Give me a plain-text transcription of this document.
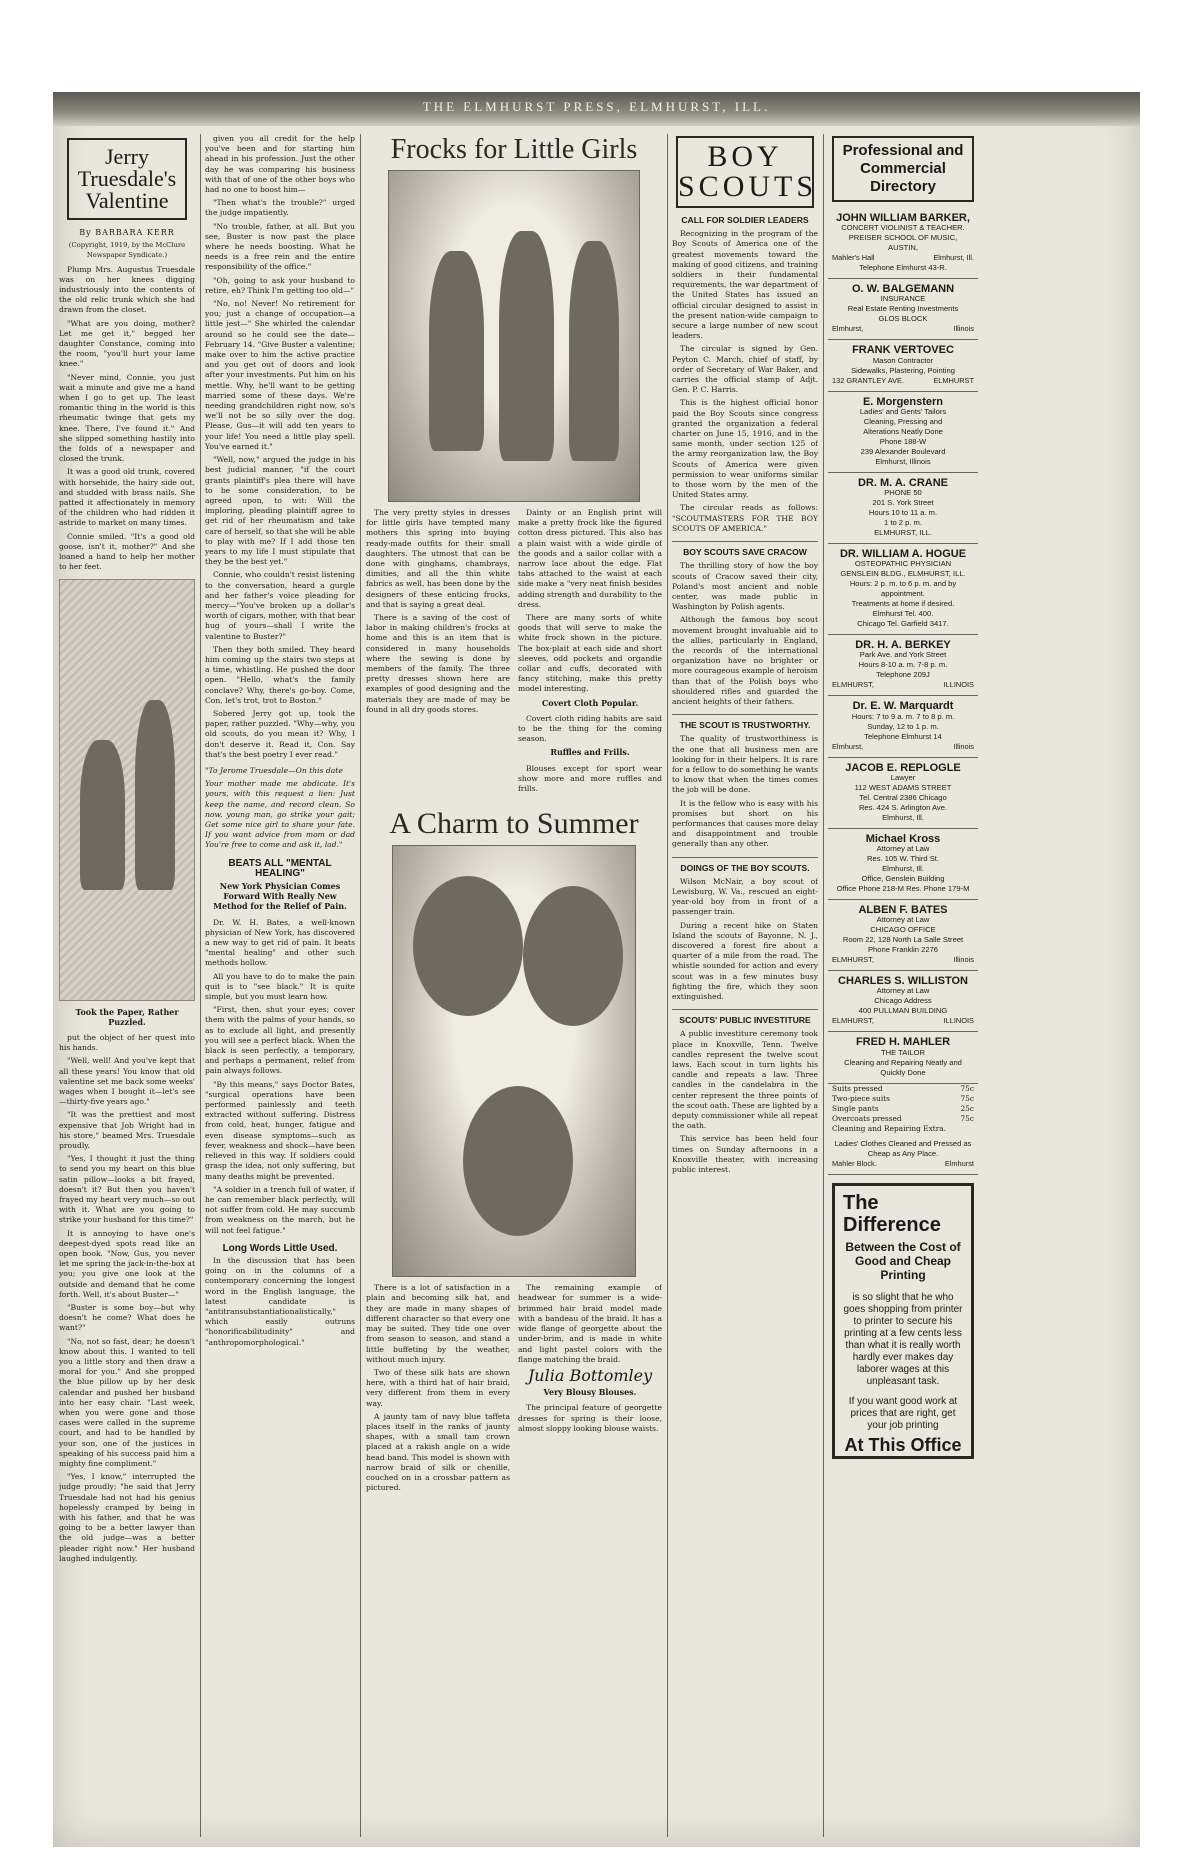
THE ELMHURST PRESS, ELMHURST, ILL.
Jerry Truesdale's
Valentine
By BARBARA KERR
(Copyright, 1919, by the McClure Newspaper Syndicate.)

Plump Mrs. Augustus Truesdale was on her knees digging industriously into the contents of the old relic trunk which she had drawn from the closet.

"What are you doing, mother? Let me get it," begged her daughter Constance, coming into the room, "you'll hurt your lame knee."

"Never mind, Connie, you just wait a minute and give me a hand when I go to get up. The least romantic thing in the world is this rheumatic twinge that gets my knee. There, I've found it." And she slipped something hastily into the folds of a newspaper and closed the trunk.

It was a good old trunk, covered with horsehide, the hairy side out, and studded with brass nails. She patted it affectionately in memory of the children who had ridden it astride to market on many times.

Connie smiled. "It's a good old goose, isn't it, mother?" And she loaned a hand to help her mother to her feet.

Took the Paper, Rather Puzzled.

put the object of her quest into his hands.

"Well, well! And you've kept that all these years! You know that old valentine set me back some weeks' wages when I bought it—let's see—thirty-five years ago."

"It was the prettiest and most expensive that Job Wright had in his store," beamed Mrs. Truesdale proudly.

"Yes, I thought it just the thing to send you my heart on this blue satin pillow—looks a bit frayed, doesn't it? But then you haven't frayed my heart very much—so out with it. What are you going to strike your husband for this time?"

It is annoying to have one's deepest-dyed spots read like an open book. "Now, Gus, you never let me spring the jack-in-the-box at you; you give one look at the outside and demand that he come forth. Well, it's about Buster—"

"Buster is some boy—but why doesn't he come? What does he want?"

"No, not so fast, dear; he doesn't know about this. I wanted to tell you a little story and then draw a moral for you." And she propped the blue pillow up by her desk calendar and pushed her husband into her easy chair. "Last week, when you were gone and those cases were called in the supreme court, and had to be handled by your son, one of the justices in speaking of his success paid him a mighty fine compliment."

"Yes, I know," interrupted the judge proudly; "he said that Jerry Truesdale had not had his genius hopelessly cramped by being in with his father, and that he was going to be a better lawyer than the old judge—was a better pleader right now." Her husband laughed indulgently.

given you all credit for the help you've been and for starting him ahead in his profession. Just the other day he was comparing his business with that of one of the other boys who had no one to boost him—

"Then what's the trouble?" urged the judge impatiently.

"No trouble, father, at all. But you see, Buster is now past the place where he needs boosting. What he needs is a free rein and the entire responsibility of the office."

"Oh, going to ask your husband to retire, eh? Think I'm getting too old—"

"No, no! Never! No retirement for you; just a change of occupation—a little jest—" She whirled the calendar around so he could see the date—February 14. "Give Buster a valentine; make over to him the active practice and you get out of doors and look after your investments. Put him on his mettle. Why, he'll want to be getting married some of these days. We're needing grandchildren right now, so's we'll not be so silly over the dog. Please, Gus—it will add ten years to your life! You need a little play spell. You've earned it."

"Well, now," argued the judge in his best judicial manner, "if the court grants plaintiff's plea there will have to be some consideration, to be agreed upon, to wit: Will the imploring, pleading plaintiff agree to get rid of her rheumatism and take care of herself, so that she will be able to play with me? If I add those ten years to my life I must stipulate that they be the best yet."

Connie, who couldn't resist listening to the conversation, heard a gurgle and her father's voice pleading for mercy—"You've broken up a dollar's worth of cigars, mother, with that bear hug of yours—shall I write the valentine to Buster?"

Then they both smiled. They heard him coming up the stairs two steps at a time, whistling. He pushed the door open. "Hello, what's the family conclave? Why, there's go-boy. Come, Con, let's trot, trot to Boston."

Sobered Jerry got up, took the paper, rather puzzled. "Why—why, you old scouts, do you mean it? Why, I don't deserve it. Read it, Con. Say that's the best poetry I ever read."

"To Jerome Truesdale—On this date

Your mother made me abdicate. It's yours, with this request a lien: Just keep the name, and record clean. So now, young man, go strike your gait; Get some nice girl to share your fate. If you want advice from mom or dad You're free to come and ask it, lad."

BEATS ALL "MENTAL HEALING"
New York Physician Comes Forward With Really New Method for the Relief of Pain.

Dr. W. H. Bates, a well-known physician of New York, has discovered a new way to get rid of pain. It beats "mental healing" and other such methods hollow.

All you have to do to make the pain quit is to "see black." It is quite simple, but you must learn how.

"First, then, shut your eyes; cover them with the palms of your hands, so as to exclude all light, and presently you will see a perfect black. When the black is seen perfectly, a temporary, and perhaps a permanent, relief from pain always follows.

"By this means," says Doctor Bates, "surgical operations have been performed painlessly and teeth extracted without suffering. Distress from cold, heat, hunger, fatigue and even disease symptoms—such as fever, weakness and shock—have been relieved in this way. If soldiers could grasp the idea, not only suffering, but many deaths might be prevented.

"A soldier in a trench full of water, if he can remember black perfectly, will not suffer from cold. He may succumb from weakness on the march, but he will not feel fatigue."

Long Words Little Used.

In the discussion that has been going on in the columns of a contemporary concerning the longest word in the English language, the latest candidate is "antitransubstantiationalistically," which easily outruns "honorificabilitudinity" and "anthropomorphological."

Frocks for Little Girls

The very pretty styles in dresses for little girls have tempted many mothers this spring into buying ready-made outfits for their small daughters. The utmost that can be done with ginghams, chambrays, dimities, and all the thin white fabrics as well, has been done by the designers of these enticing frocks, and that is saying a great deal.

There is a saving of the cost of labor in making children's frocks at home and this is an item that is considered in many households where the sewing is done by members of the family. The three pretty dresses shown here are examples of good designing and the materials they are made of may be found in all dry goods stores.

Dainty or an English print will make a pretty frock like the figured cotton dress pictured. This also has a plain waist with a wide girdle of the goods and a sailor collar with a narrow lace about the edge. Flat tabs attached to the waist at each side make a "very neat finish besides adding strength and durability to the dress.

There are many sorts of white goods that will serve to make the white frock shown in the picture. The box-plait at each side and short sleeves, odd pockets and organdie collar and cuffs, decorated with fancy stitching, make this pretty model interesting.

Covert Cloth Popular.

Covert cloth riding habits are said to be the thing for the coming season.

Ruffles and Frills.

Blouses except for sport wear show more and more ruffles and frills.

A Charm to Summer

There is a lot of satisfaction in a plain and becoming silk hat, and they are made in many shapes of different character so that every one may be suited. They tide one over from season to season, and stand a little buffeting by the weather, without much injury.

Two of these silk hats are shown here, with a third hat of hair braid, very different from them in every way.

A jaunty tam of navy blue taffeta places itself in the ranks of jaunty shapes, with a small tam crown placed at a rakish angle on a wide head band. This model is shown with narrow braid of silk or chenille, couched on in a crossbar pattern as pictured.

The remaining example of headwear for summer is a wide-brimmed hair braid model made with a bandeau of the braid. It has a wide flange of georgette about the under-brim, and is made in white and light pastel colors with the flange matching the braid.

Julia Bottomley
Very Blousy Blouses.

The principal feature of georgette dresses for spring is their loose, almost sloppy looking blouse waists.

BOY
SCOUTS
CALL FOR SOLDIER LEADERS

Recognizing in the program of the Boy Scouts of America one of the greatest movements toward the making of good citizens, and training soldiers in their fundamental requirements, the war department of the United States has issued an official circular designed to assist in the present nation-wide campaign to secure a large number of new scout leaders.

The circular is signed by Gen. Peyton C. March, chief of staff, by order of Secretary of War Baker, and carries the official stamp of Adjt. Gen. P. C. Harris.

This is the highest official honor paid the Boy Scouts since congress granted the organization a federal charter on June 15, 1916, and in the same month, under section 125 of the army reorganization law, the Boy Scouts of America were given permission to wear uniforms similar to those worn by the men of the United States army.

The circular reads as follows: "SCOUTMASTERS FOR THE BOY SCOUTS OF AMERICA."

BOY SCOUTS SAVE CRACOW

The thrilling story of how the boy scouts of Cracow saved their city, Poland's most ancient and noble center, was made public in Washington by Polish agents.

Although the famous boy scout movement brought invaluable aid to the allies, particularly in England, the records of the international organization have no brighter or more courageous example of heroism than that of the Polish boys who shouldered rifles and guarded the ancient heights of their fathers.

THE SCOUT IS TRUSTWORTHY.

The quality of trustworthiness is the one that all business men are looking for in their helpers. It is rare for a fellow to do something he wants to know that when the times comes the job will be done.

It is the fellow who is easy with his promises but short on his performances that causes more delay and disappointment and trouble generally than any other.

DOINGS OF THE BOY SCOUTS.

Wilson McNair, a boy scout of Lewisburg, W. Va., rescued an eight-year-old boy from in front of a passenger train.

During a recent hike on Staten Island the scouts of Bayonne, N. J., discovered a forest fire about a quarter of a mile from the road. The whistle sounded for action and every scout was in a few minutes busy fighting the fire, which they soon extinguished.

SCOUTS' PUBLIC INVESTITURE

A public investiture ceremony took place in Knoxville, Tenn. Twelve candles represent the twelve scout laws. Each scout in turn lights his candle and repeats a law. Three candles in the candelabra in the center represent the three points of the scout oath. These are lighted by a deputy commissioner while all repeat the oath.

This service has been held four times on Sunday afternoons in a Knoxville theater, with increasing public interest.

Professional and Commercial Directory
JOHN WILLIAM BARKER,
CONCERT VIOLINIST & TEACHER.
PREISER SCHOOL OF MUSIC,
AUSTIN,
Mahler's Hall	Elmhurst, Ill.
Telephone Elmhurst 43-R.
O. W. BALGEMANN
INSURANCE
Real Estate Renting Investments
GLOS BLOCK
Elmhurst,	Illinois
FRANK VERTOVEC
Mason Contractor
Sidewalks, Plastering, Pointing
132 GRANTLEY AVE.	ELMHURST
E. Morgenstern
Ladies' and Gents' Tailors
Cleaning, Pressing and
Alterations Neatly Done
Phone 188-W
239 Alexander Boulevard
Elmhurst, Illinois
DR. M. A. CRANE
PHONE 50
201 S. York Street
Hours 10 to 11 a. m.
1 to 2 p. m.
ELMHURST, ILL.
DR. WILLIAM A. HOGUE
OSTEOPATHIC PHYSICIAN
GENSLEIN BLDG., ELMHURST, ILL.
Hours: 2 p. m. to 6 p. m. and by appointment.
Treatments at home if desired.
Elmhurst Tel. 400.
Chicago Tel. Garfield 3417.
DR. H. A. BERKEY
Park Ave. and York Street
Hours 8-10 a. m. 7-8 p. m.
Telephone 209J
ELMHURST,	ILLINOIS
Dr. E. W. Marquardt
Hours: 7 to 9 a. m. 7 to 8 p. m.
Sunday, 12 to 1 p. m.
Telephone Elmhurst 14
Elmhurst,	Illinois
JACOB E. REPLOGLE
Lawyer
112 WEST ADAMS STREET
Tel. Central 2386 Chicago
Res. 424 S. Arlington Ave.
Elmhurst, Ill.
Michael Kross
Attorney at Law
Res. 105 W. Third St.
Elmhurst, Ill.
Office, Genslein Building
Office Phone 218-M Res. Phone 179-M
ALBEN F. BATES
Attorney at Law
CHICAGO OFFICE
Room 22, 128 North La Salle Street
Phone Franklin 2276
ELMHURST,	Illinois
CHARLES S. WILLISTON
Attorney at Law
Chicago Address
400 PULLMAN BUILDING
ELMHURST,	ILLINOIS
FRED H. MAHLER
THE TAILOR
Cleaning and Repairing Neatly and Quickly Done
Suits pressed	75c
Two-piece suits	75c
Single pants	25c
Overcoats pressed	75c
Cleaning and Repairing Extra.
Ladies' Clothes Cleaned and Pressed as Cheap as Any Place.
Mahler Block.	Elmhurst
The Difference
Between the Cost of Good and Cheap Printing
is so slight that he who goes shopping from printer to printer to secure his printing at a few cents less than what it is really worth hardly ever makes day laborer wages at this unpleasant task.
If you want good work at prices that are right, get your job printing
At This Office
